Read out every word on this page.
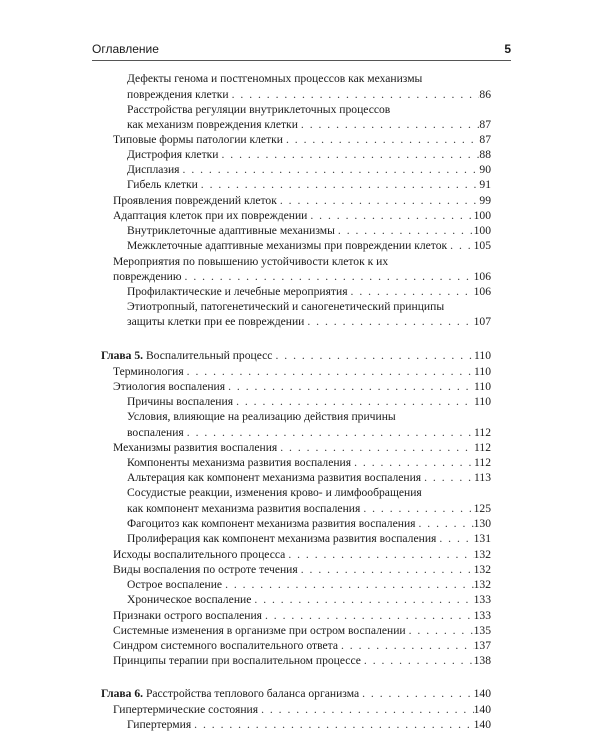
Оглавление	5
Дефекты генома и постгеномных процессов как механизмы
повреждения клетки . . .	86
Расстройства регуляции внутриклеточных процессов
как механизм повреждения клетки . . .	87
Типовые формы патологии клетки . . .	87
Дистрофия клетки . . .	88
Дисплазия . . .	90
Гибель клетки . . .	91
Проявления повреждений клеток . . .	99
Адаптация клеток при их повреждении . . .	100
Внутриклеточные адаптивные механизмы . . .	100
Межклеточные адаптивные механизмы при повреждении клеток . . . 105
Мероприятия по повышению устойчивости клеток к их
повреждению . . .	106
Профилактические и лечебные мероприятия . . .	106
Этиотропный, патогенетический и саногенетический принципы
защиты клетки при ее повреждении . . .	107
Глава 5. Воспалительный процесс . . .	110
Терминология . . .	110
Этиология воспаления . . .	110
Причины воспаления . . .	110
Условия, влияющие на реализацию действия причины
воспаления . . .	112
Механизмы развития воспаления . . .	112
Компоненты механизма развития воспаления . . .	112
Альтерация как компонент механизма развития воспаления . . .	113
Сосудистые реакции, изменения крово- и лимфообращения
как компонент механизма развития воспаления . . .	125
Фагоцитоз как компонент механизма развития воспаления . . .	130
Пролиферация как компонент механизма развития воспаления . . .	131
Исходы воспалительного процесса . . .	132
Виды воспаления по остроте течения . . .	132
Острое воспаление . . .	132
Хроническое воспаление . . .	133
Признаки острого воспаления . . .	133
Системные изменения в организме при остром воспалении . . .	135
Синдром системного воспалительного ответа . . .	137
Принципы терапии при воспалительном процессе . . .	138
Глава 6. Расстройства теплового баланса организма . . .	140
Гипертермические состояния . . .	140
Гипертермия . . .	140
